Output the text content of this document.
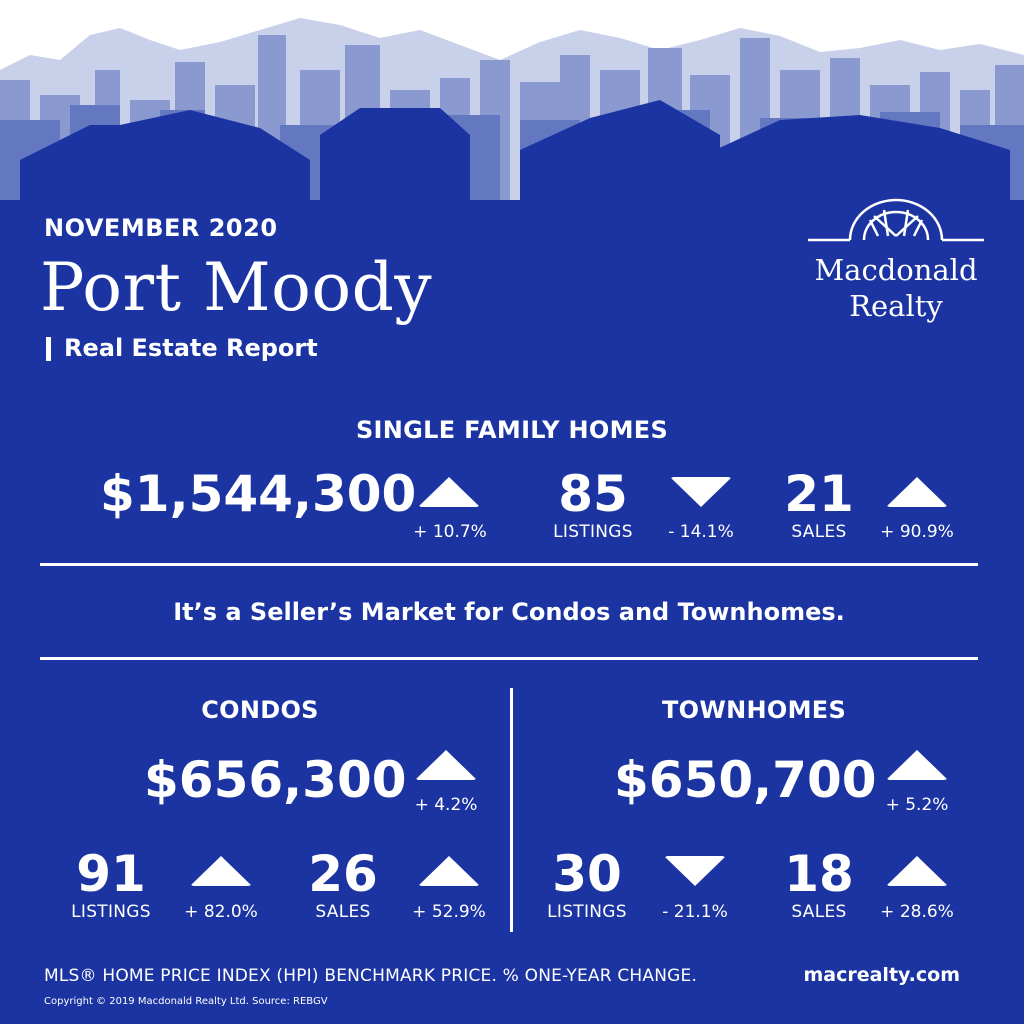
NOVEMBER 2020
Port Moody
Real Estate Report
Macdonald
Realty
SINGLE FAMILY HOMES
$1,544,300
+ 10.7%
85
LISTINGS	- 14.1%
21
SALES	+ 90.9%
It’s a Seller’s Market for Condos and Townhomes.
CONDOS
$656,300 + 4.2%
91
LISTINGS	+ 82.0%
26
SALES	+ 52.9%
TOWNHOMES
$650,700 + 5.2%
30
LISTINGS	- 21.1%
18
SALES	+ 28.6%
MLS® HOME PRICE INDEX (HPI) BENCHMARK PRICE. % ONE-YEAR CHANGE.	macrealty.com
Copyright © 2019 Macdonald Realty Ltd. Source: REBGV
